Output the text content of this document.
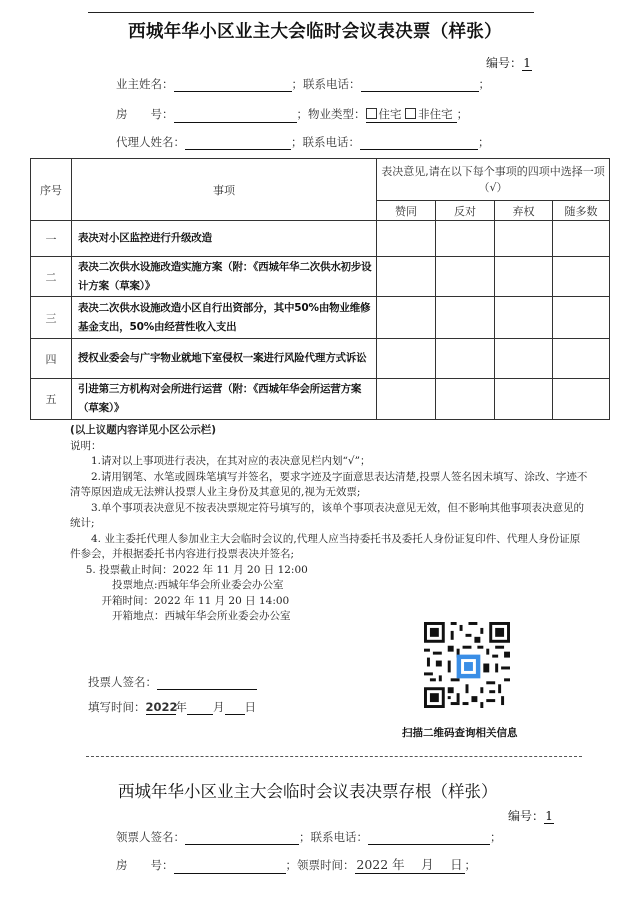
西城年华小区业主大会临时会议表决票（样张）
编号：1
业主姓名：	；联系电话：	；
房　　号：	；物业类型： 住宅 非住宅 ；
代理人姓名：	；联系电话：	；
序号	事项	表决意见,请在以下每个事项的四项中选择一项（√）			
		赞同	反对	弃权	随多数
一	表决对小区监控进行升级改造				
二	表决二次供水设施改造实施方案（附：《西城年华二次供水初步设计方案（草案）》				
三	表决二次供水设施改造小区自行出资部分，其中50%由物业维修基金支出，50%由经营性收入支出				
四	授权业委会与广宇物业就地下室侵权一案进行风险代理方式诉讼				
五	引进第三方机构对会所进行运营（附：《西城年华会所运营方案（草案）》				

(以上议题内容详见小区公示栏)

说明：

1.请对以上事项进行表决，在其对应的表决意见栏内划“√”；

2.请用钢笔、水笔或圆珠笔填写并签名，要求字迹及字面意思表达清楚,投票人签名因未填写、涂改、字迹不清等原因造成无法辨认投票人业主身份及其意见的,视为无效票;

3.单个事项表决意见不按表决票规定符号填写的，该单个事项表决意见无效，但不影响其他事项表决意见的统计;

4. 业主委托代理人参加业主大会临时会议的,代理人应当持委托书及委托人身份证复印件、代理人身份证原件参会，并根据委托书内容进行投票表决并签名;

5. 投票截止时间：2022 年 11 月 20 日 12:00

投票地点:西城年华会所业委会办公室

开箱时间：2022 年 11 月 20 日 14:00

开箱地点：西城年华会所业委会办公室

投票人签名：
填写时间：2022年 月 日
扫描二维码查询相关信息
西城年华小区业主大会临时会议表决票存根（样张）
编号：1
领票人签名：	；联系电话：	；
房　　号：	；领票时间： 2022 年　 月　 日 ；
